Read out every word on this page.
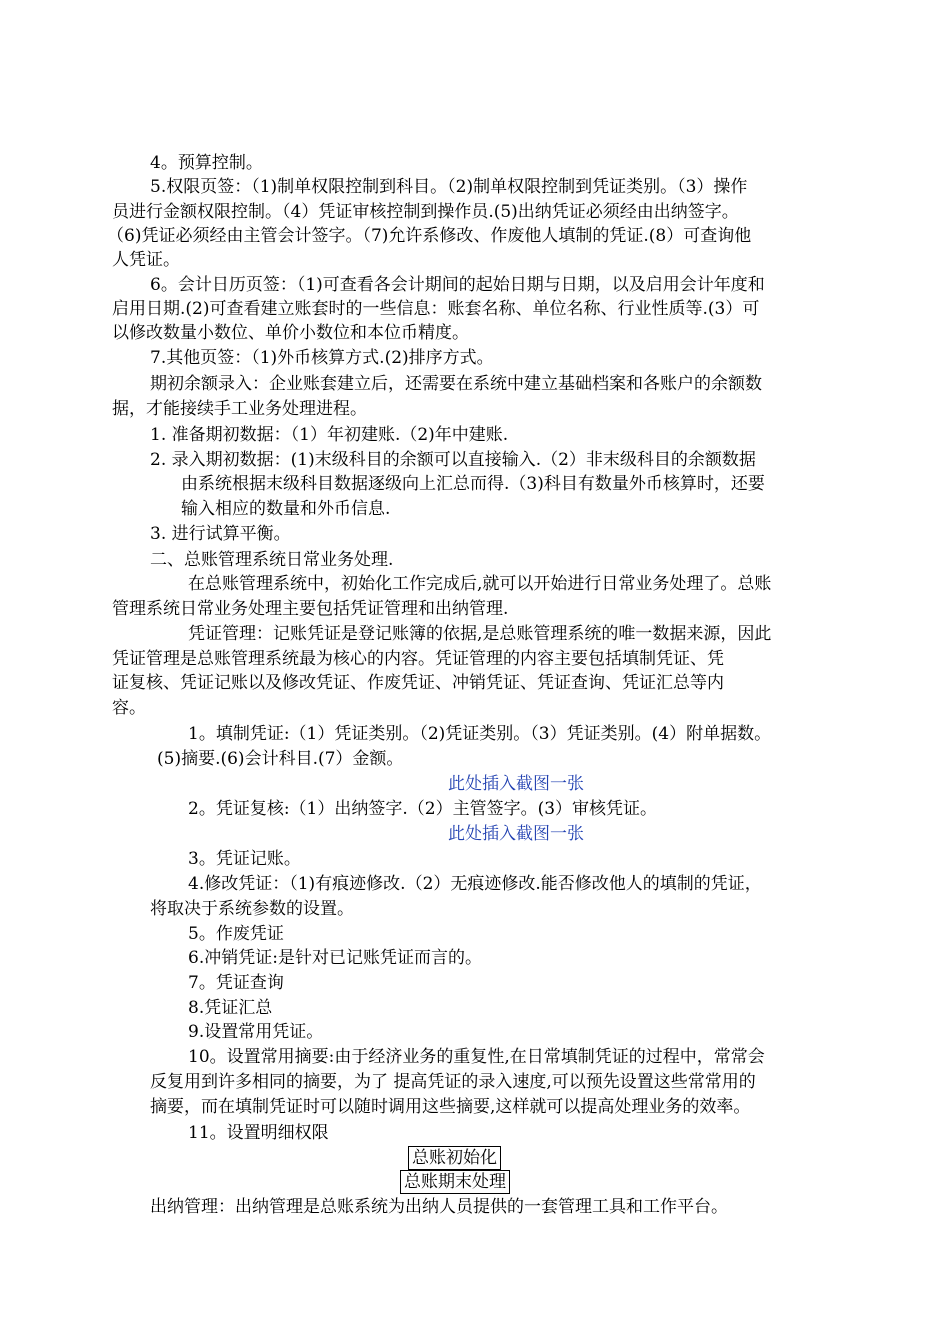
4。预算控制。
5.权限页签：（1)制单权限控制到科目。（2)制单权限控制到凭证类别。（3）操作
员进行金额权限控制。（4）凭证审核控制到操作员.(5)出纳凭证必须经由出纳签字。
（6)凭证必须经由主管会计签字。（7)允许系修改、作废他人填制的凭证.(8）可查询他
人凭证。
6。会计日历页签：（1)可查看各会计期间的起始日期与日期，以及启用会计年度和
启用日期.(2)可查看建立账套时的一些信息：账套名称、单位名称、行业性质等.(3）可
以修改数量小数位、单价小数位和本位币精度。
7.其他页签：（1)外币核算方式.(2)排序方式。
期初余额录入：企业账套建立后，还需要在系统中建立基础档案和各账户的余额数
据，才能接续手工业务处理进程。
1. 准备期初数据：（1）年初建账.（2)年中建账.
2. 录入期初数据：(1)末级科目的余额可以直接输入.（2）非末级科目的余额数据
由系统根据末级科目数据逐级向上汇总而得.（3)科目有数量外币核算时，还要
输入相应的数量和外币信息.
3. 进行试算平衡。
二、总账管理系统日常业务处理.
在总账管理系统中，初始化工作完成后,就可以开始进行日常业务处理了。总账
管理系统日常业务处理主要包括凭证管理和出纳管理.
凭证管理：记账凭证是登记账簿的依据,是总账管理系统的唯一数据来源，因此
凭证管理是总账管理系统最为核心的内容。凭证管理的内容主要包括填制凭证、凭
证复核、凭证记账以及修改凭证、作废凭证、冲销凭证、凭证查询、凭证汇总等内
容。
1。填制凭证:（1）凭证类别。（2)凭证类别。（3）凭证类别。(4）附单据数。
(5)摘要.(6)会计科目.(7）金额。
此处插入截图一张
2。凭证复核:（1）出纳签字.（2）主管签字。(3）审核凭证。
此处插入截图一张
3。凭证记账。
4.修改凭证：（1)有痕迹修改.（2）无痕迹修改.能否修改他人的填制的凭证，
将取决于系统参数的设置。
5。作废凭证
6.冲销凭证:是针对已记账凭证而言的。
7。凭证查询
8.凭证汇总
9.设置常用凭证。
10。设置常用摘要:由于经济业务的重复性,在日常填制凭证的过程中，常常会
反复用到许多相同的摘要，为了 提高凭证的录入速度,可以预先设置这些常常用的
摘要，而在填制凭证时可以随时调用这些摘要,这样就可以提高处理业务的效率。
11。设置明细权限
总账初始化
总账期末处理
出纳管理：出纳管理是总账系统为出纳人员提供的一套管理工具和工作平台。
